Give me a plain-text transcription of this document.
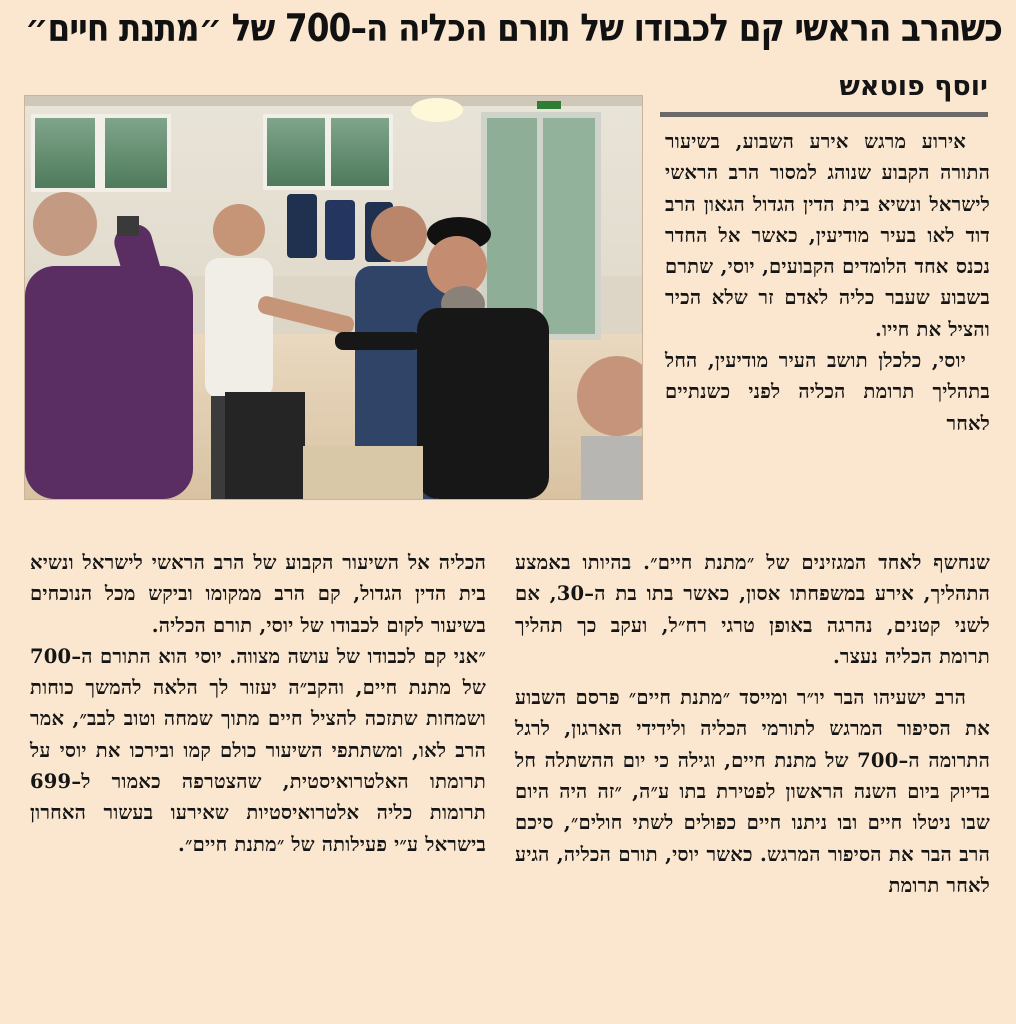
כשהרב הראשי קם לכבודו של תורם הכליה ה–700 של ״מתנת חיים״
יוסף פוטאש

אירוע מרגש אירע השבוע, בשיעור התורה הקבוע שנוהג למסור הרב הראשי לישראל ונשיא בית הדין הגדול הגאון הרב דוד לאו בעיר מודיעין, כאשר אל החדר נכנס אחד הלומדים הקבועים, יוסי, שתרם בשבוע שעבר כליה לאדם זר שלא הכיר והציל את חייו.

יוסי, כלכלן תושב העיר מודיעין, החל בתהליך תרומת הכליה לפני כשנתיים לאחר

שנחשף לאחד המגזינים של ״מתנת חיים״. בהיותו באמצע התהליך, אירע במשפחתו אסון, כאשר בתו בת ה–30, אם לשני קטנים, נהרגה באופן טרגי רח״ל, ועקב כך תהליך תרומת הכליה נעצר.

הרב ישעיהו הבר יו״ר ומייסד ״מתנת חיים״ פרסם השבוע את הסיפור המרגש לתורמי הכליה ולידידי הארגון, לרגל התרומה ה–700 של מתנת חיים, וגילה כי יום ההשתלה חל בדיוק ביום השנה הראשון לפטירת בתו ע״ה, ״זה היה היום שבו ניטלו חיים ובו ניתנו חיים כפולים לשתי חולים״, סיכם הרב הבר את הסיפור המרגש. כאשר יוסי, תורם הכליה, הגיע לאחר תרומת

הכליה אל השיעור הקבוע של הרב הראשי לישראל ונשיא בית הדין הגדול, קם הרב ממקומו וביקש מכל הנוכחים בשיעור לקום לכבודו של יוסי, תורם הכליה.

״אני קם לכבודו של עושה מצווה. יוסי הוא התורם ה–700 של מתנת חיים, והקב״ה יעזור לך הלאה להמשך כוחות ושמחות שתזכה להציל חיים מתוך שמחה וטוב לבב״, אמר הרב לאו, ומשתתפי השיעור כולם קמו ובירכו את יוסי על תרומתו האלטרואיסטית, שהצטרפה כאמור ל–699 תרומות כליה אלטרואיסטיות שאירעו בעשור האחרון בישראל ע״י פעילותה של ״מתנת חיים״.
